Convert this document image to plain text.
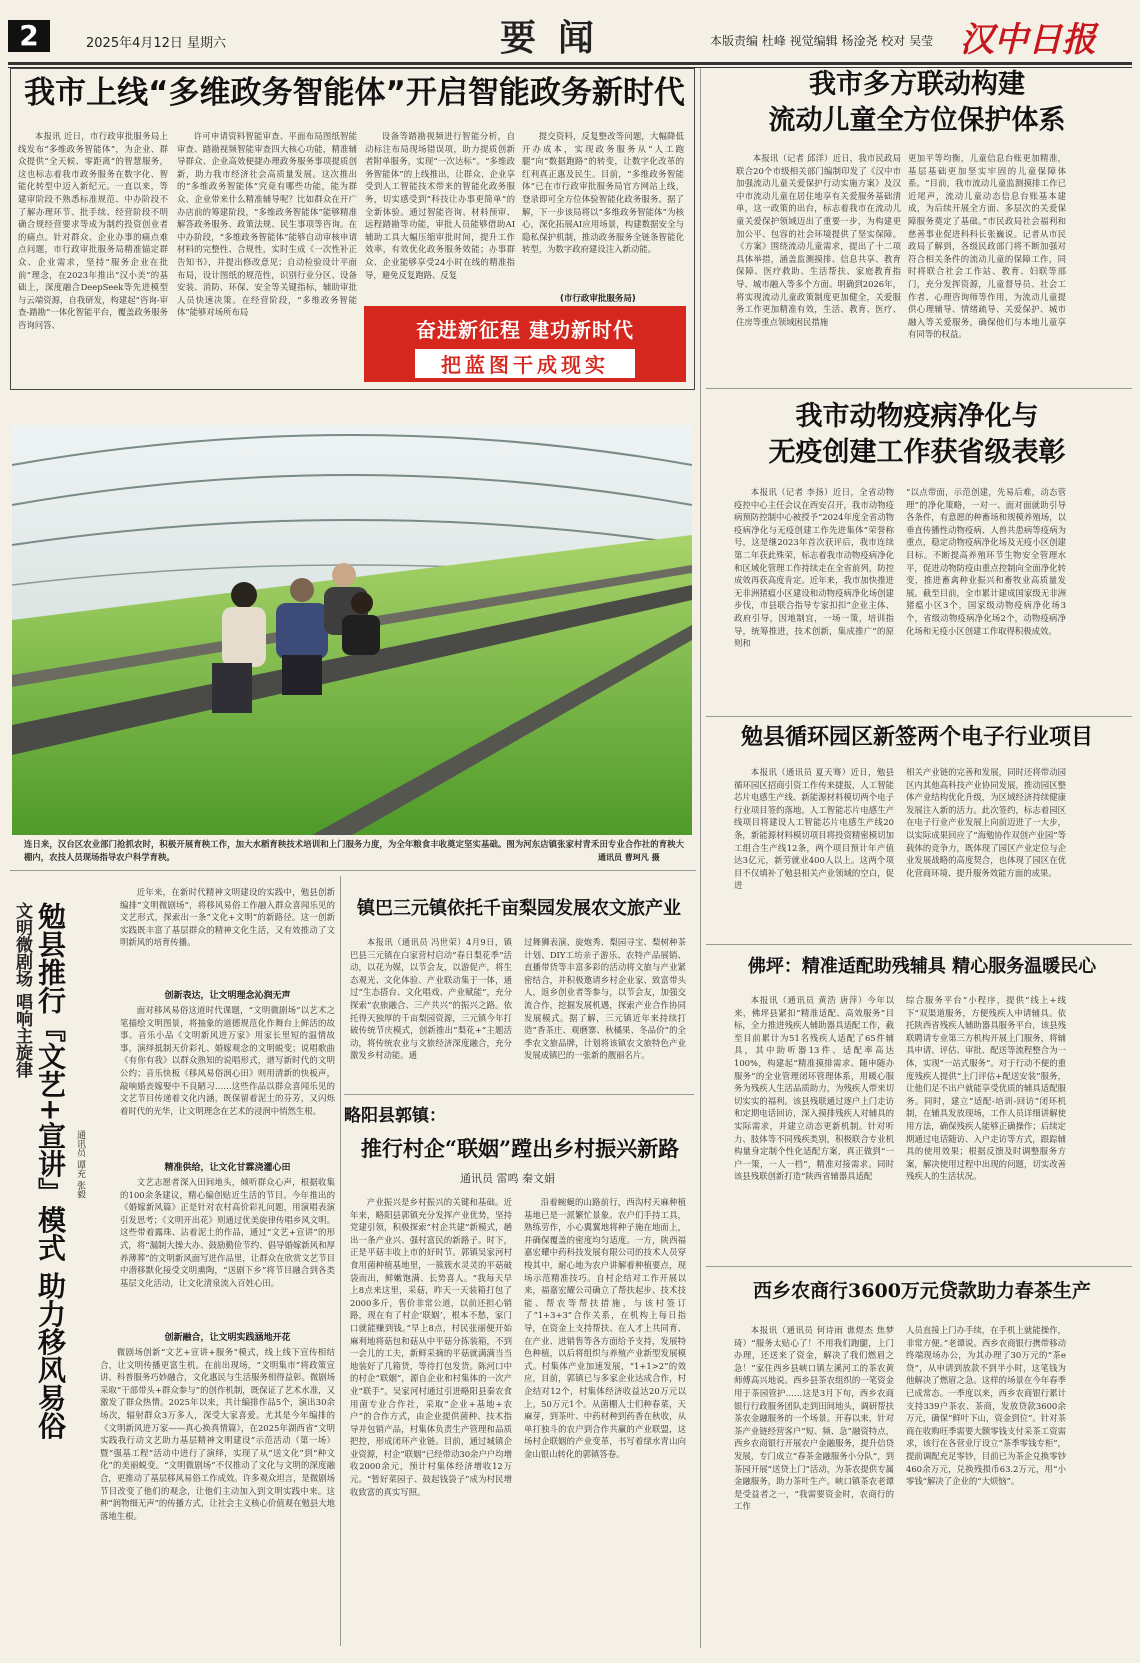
2	2025年4月12日 星期六	要闻	本版责编 杜峰 视觉编辑 杨淦尧 校对 吴莹 汉中日报
我市上线“多维政务智能体”开启智能政务新时代
本报讯 近日，市行政审批服务局上线发布“多维政务智能体”，为企业、群众提供“全天候、零距离”的智慧服务，这也标志着我市政务服务在数字化、智能化转型中迈入新纪元。一直以来，等建审阶段不熟悉标准规范、中办阶段不了解办理环节、批手续、经营阶段不明确合规经营要求等成为制约投资创业者的痛点。针对群众、企业办事的痛点难点问题，市行政审批服务局精准锚定群众、企业需求，坚持“服务企业在批前”理念，在2023年推出“汉小美”的基础上，深度融合DeepSeek等先进模型与云端资源，自我研发，构建起“咨询-审查-踏勘”一体化智能平台，覆盖政务服务咨询问答、
许可申请资料智能审查、平面布局图纸智能审查、踏勘视频智能审查四大核心功能，精准辅导群众、企业高效便捷办理政务服务事项提质创新，助力我市经济社会高质量发展。这次推出的“多维政务智能体”究竟有哪些功能，能为群众、企业带来什么精准辅导呢？比如群众在开广办店前的筹建阶段，“多维政务智能体”能够精准解答政务服务、政策法规、民生事项等咨询。在中办阶段，“多维政务智能体”能够自动审核申请材料的完整性、合规性，实时生成《一次性补正告知书》，并提出修改意见；自动检验设计平面布局，设计图纸的规范性，识别行业分区、设备安装、消防、环保、安全等关键指标，辅助审批人员快速决策。在经营阶段，“多维政务智能体”能够对场所布局
设备等踏勘视频进行智能分析，自动标注布局现场错误项，助力提质创新者附单服务，实现“一次达标”。“多维政务智能体”的上线推出，让群众、企业享受到人工智能技术带来的智能化政务服务，切实感受到“科技让办事更简单”的全新体验。通过智能咨询、材料预审、远程踏勘等功能，审批人员能够借助AI辅助工具大幅压缩审批时间，提升工作效率，有效优化政务服务效能；办事群众、企业能够享受24小时在线的精准指导，避免反复跑路、反复
提交资料，反复整改等问题，大幅降低开办成本，实现政务服务从“人工跑腿”向“数据跑路”的转变，让数字化改革的红利真正惠及民生。目前，“多维政务智能体”已在市行政审批服务局官方网站上线，登录即可全方位体验智能化政务服务。据了解，下一步该局将以“多维政务智能体”为核心，深化拓展AI应用场景，构建数据安全与隐私保护机制，推动政务服务全链条智能化转型，为数字政府建设注入新动能。
(市行政审批服务局)
奋进新征程 建功新时代
把蓝图干成现实
我市多方联动构建
流动儿童全方位保护体系
本报讯（记者 邱洋）近日，我市民政局联合20个市级相关部门编制印发了《汉中市加强流动儿童关爱保护行动实施方案》及汉中市流动儿童在居住地享有关爱服务基础清单，这一政策的出台，标志着我市在流动儿童关爱保护领域迈出了重要一步，为构建更加公平、包容的社会环境提供了坚实保障。《方案》围绕流动儿童需求，提出了十二项具体举措，涵盖监测摸排、信息共享、教育保障、医疗救助、生活帮扶、家庭教育指导、城市融入等多个方面。明确到2026年，将实现流动儿童政策制度更加健全，关爱服务工作更加精准有效，生活、教育、医疗、住房等重点领域困民措施
更加平等均衡，儿童信息台账更加精准，基层基础更加坚实牢固的儿童保障体系。“目前，我市流动儿童监测摸排工作已近尾声，流动儿童动态信息台账基本建成，为后续开展全方面、多层次的关爱保障服务奠定了基础。”市民政局社会福利和慈善事业促进科科长张巍说。记者从市民政局了解到，各级民政部门将不断加强对符合相关条件的流动儿童的保障工作，同时将联合社会工作站、教育、妇联等部门，充分发挥资源，儿童督导员、社会工作者、心理咨询师等作用，为流动儿童提供心理辅导、情绪疏导、关爱保护、城市融入等关爱服务，确保他们与本地儿童享有同等的权益。
连日来，汉台区农业部门抢抓农时，积极开展育秧工作，加大水稻育秧技术培训和上门服务力度，为全年粮食丰收奠定坚实基础。图为河东店镇张家村青禾田专业合作社的育秧大棚内，农技人员现场指导农户科学育秧。	通讯员 曹珂凡 摄
我市动物疫病净化与
无疫创建工作获省级表彰
本报讯（记者 李扬）近日，全省动物疫控中心主任会议在西安召开，我市动物疫病预防控制中心被授予“2024年度全省动物疫病净化与无疫创建工作先进集体”荣誉称号，这是继2023年首次获评后，我市连续第二年获此殊荣，标志着我市动物疫病净化和区域化管理工作持续走在全省前列，防控成效再获高度肯定。近年来，我市加快推进无非洲猪瘟小区建设和动物疫病净化场创建步伐，市县联合指导专家扣扣“企业主体、政府引导，因地制宜，一场一策，培训指导，统筹推进，技术创新，集成推广”的原则和
“以点带面，示范创建，先易后难，动态管理”的净化策略，一对一、面对面就助引导各条件，有意愿的种畜场和规模养殖场，以垂直传播性动物疫病、人兽共患病等疫病为重点，稳定动物疫病净化场及无疫小区创建目标。不断提高养殖环节生物安全管理水平，促进动物防疫由重点控制向全面净化转变，推进畜禽种业振兴和畜牧业高质量发展。截至目前，全市累计建成国家级无非洲猪瘟小区3个，国家级动物疫病净化场3个，省级动物疫病净化场2个，动物疫病净化场和无疫小区创建工作取得积极成效。
勉县循环园区新签两个电子行业项目
本报讯（通讯员 夏天骞）近日，勉县循环园区招商引资工作传来捷报，人工智能芯片电感生产线、新能源材料模切两个电子行业项目签约落地。人工智能芯片电感生产线项目将建设人工智能芯片电感生产线20条，新能源材料模切项目将投资精密模切加工组合生产线12条，两个项目预计年产值达3亿元，新劳就业400人以上。这两个项目不仅填补了勉县相关产业领域的空白，促进
相关产业链的完善和发展，同时还将带动园区内其他高科技产业协同发展，推动园区整体产业结构优化升级，为区域经济持续健康发展注入新的活力。此次签约，标志着园区在电子行业产业发展上向前迈进了一大步，以实际成果回应了“海勉协作双创产业园”等载体的竞争力，既体现了园区产业定位与企业发展战略的高度契合，也体现了园区在优化营商环境、提升服务效能方面的成果。
佛坪：精准适配助残辅具 精心服务温暖民心
本报讯（通讯员 黄浩 唐萍）今年以来，佛坪县紧扣“精准适配、高效服务”目标，全力推进残疾人辅助器具适配工作，截至目前累计为51名残疾人适配了65件辅具，其中助听器13件、适配率高达100%，构建起“精准摸排需求、随申随办服务”的全业管理闭环管理体系，用暖心服务为残疾人生活品质助力，为残疾人带来切切实实的福利。该县残联通过逐户上门走访和定期电话回访，深入摸排残疾人对辅具的实际需求，并建立动态更新机制。针对听力、肢体等不同残疾类别，积极联合专业机构量身定制个性化适配方案，真正做到“一户一策，一人一档”，精准对接需求。同时该县残联创新打造“陕西省辅器具适配
综合服务平台”小程序，提供“线上+线下”双渠道服务，方便残疾人申请辅具。依托陕西省残疾人辅助器具服务平台，该县残联聘请专业第三方机构开展上门服务，将辅具申请、评估、审批、配送等流程整合为一体，实现“一站式服务”。对于行动不便的重度残疾人提供“上门评估+配送安装”服务，让他们足不出户就能享受优质的辅具适配服务。同时，建立“适配-培训-回访”闭环机制，在辅具发放现场，工作人员详细讲解使用方法，确保残疾人能够正确操作；后续定期通过电话随访、入户走访等方式，跟踪辅具的使用效果；根据反馈及时调整服务方案，解决使用过程中出现的问题，切实改善残疾人的生活状况。
西乡农商行3600万元贷款助力春茶生产
本报讯（通讯员 何诗雨 谯煜杰 焦梦琦）“服务太贴心了！不用我们跑腿，上门办理，还送来了资金，解决了我们燃眉之急！”家住西乡县峡口镇左溪河工的茶农黄师傅高兴地说。西乡县茶农组织的一笔资金用于茶园管护……这是3月下旬，西乡农商银行行政服务团队走到田间地头，调研帮扶茶农金融服务的一个场景。开春以来，针对茶产业链经营客户“短、频、急”融资特点，西乡农商银行开展农户金融服务，提升信贷发展，专门成立“春茶金融服务小分队”，到茶园开展“送贷上门”活动，为茶农提供专属金融服务，助力茶叶生产。峡口镇茶农老谭是受益者之一，“我需要资金时，农商行的工作
人员直接上门办手续，在手机上就能操作，非常方便。”老谭说。西乡农商银行携带移动终端现场办公，为其办理了30万元的“茶e贷”，从申请到放款不到半小时，这笔钱为他解决了燃眉之急。这样的场景在今年春季已成常态。一季度以来，西乡农商银行累计支持339户茶农、茶商，发放贷款3600余万元，确保“鲜叶下山，资金到位”。针对茶商在收购旺季需要大额零钱支付采茶工资需求，该行在各营业厅设立“茶季零钱专柜”，提前调配充足零钞，目前已为茶企兑换零钞460余万元，兑换残损币63.2万元，用“小零钱”解决了企业的“大烦恼”。
文明微剧场 唱响主旋律 勉县推行『文艺+宣讲』模式 助力移风易俗 通讯员 谭充 张毅
近年来，在新时代精神文明建设的实践中，勉县创新编排“文明微剧场”，将移风易俗工作融入群众喜闻乐见的文艺形式，探索出一条“文化+文明”的新路径。这一创新实践既丰富了基层群众的精神文化生活，又有效推动了文明新风的培育传播。
创新表达，让文明理念沁润无声
面对移风易俗这道时代课题，“文明微剧场”以艺术之笔描绘文明图景，将抽象的道德规范化作舞台上鲜活的故事。音乐小品《文明新风进万家》用家长里短的温情故事，演绎抵制天价彩礼、婚嫁观念的文明蜕变；说唱歌曲《有你有我》以群众熟知的说唱形式，谱写新时代的文明公约；音乐快板《移风易俗润心田》则用清新的快板声，敲响婚丧嫁娶中不良陋习……这些作品以群众喜闻乐见的文艺节目传递着文化内涵，既保留着泥土的芬芳，又闪烁着时代的光华，让文明理念在艺术的浸润中悄然生根。
精准供给，让文化甘霖浇灌心田
文艺志愿者深入田间地头，倾听群众心声，根据收集的100余条建议，精心编创贴近生活的节目。今年推出的《婚嫁新风篇》正是针对农村高价彩礼问题，用演唱表演引发思考；《文明开出花》则通过优美旋律传唱乡风文明。这些带着露珠、沾着泥土的作品，通过“文艺+宣讲”的形式，将“漏制大操大办、鼓励勤俭节约、倡导婚嫁新风和厚养薄葬”的文明新风面写进作品里，让群众在欣赏文艺节目中潜移默化接受文明熏陶，“送剧下乡”将节目融合到各类基层文化活动，让文化清泉流入百姓心田。
创新融合，让文明实践涵地开花
微剧场创新“文艺+宣讲+服务”模式，线上线下宣传相结合，让文明传播更富生机。在前出现场，“文明集市”将政策宣讲、科普服务巧妙融合，文化惠民与生活服务相得益彰。微剧场采取“干部带头+群众参与”的创作机制，既保证了艺术水准，又激发了群众热情。2025年以来，共计编排作品5个，演出30余场次，辐射群众3万多人，深受大家喜爱。尤其是今年编排的《文明新风进万家——真心换真情篇》，在2025年湖西省“文明实践我行动文艺助力基层精神文明建设”示范活动（第一场）暨“强基工程”活动中进行了演绎，实现了从“送文化”到“种文化”的美丽蜕变。“文明微剧场”不仅推动了文化与文明的深度融合，更推动了基层移风易俗工作成效。许多观众坦言，是微剧场节目改变了他们的观念，让他们主动加入到文明实践中来。这种“润物细无声”的传播方式，让社会主义核心价值观在勉县大地落地生根。
镇巴三元镇依托千亩梨园发展农文旅产业
本报讯（通讯员 冯世荣）4月9日，镇巴县三元镇在白家营村启动“春日梨花季”活动，以花为媒，以节会友，以游促产，将生态观光、文化体验、产业联动集于一体，通过“生态搭台、文化唱戏、产业赋能”，充分探索“农旅融合、三产共兴”的振兴之路。依托得天独厚的千亩梨园资源，三元镇今年打破传统节庆模式，创新推出“梨花+”主题活动，将传统农业与文旅经济深度融合，充分激发乡村动能。通
过舞狮表演、旋炮秀、梨园寻宝、梨树种茶计划、DIY工坊亲子游乐、农特产品展销、直播带货等丰富多彩的活动将文旅与产业紧密结合，并积极邀请乡村企业家、致富带头人，返乡创业者等参与，以节会友，加强交流合作，挖掘发展机遇，探索产业合作协同发展模式。据了解，三元镇近年来持续打造“香茶庄、观磨寨、秋橘果、冬品价”的全季农文旅品牌，计划将该镇农文旅特色产业发展成镇巴的一张新的靓丽名片。
略阳县郭镇：
推行村企“联姻”蹚出乡村振兴新路
通讯员 雷鸣 秦文娟
产业振兴是乡村振兴的关键和基础。近年来，略阳县郭镇充分发挥产业优势，坚持党建引领，积极探索“村企共建”新模式，趟出一条产业兴、强村富民的新路子。时下，正是平菇丰收上市的好时节。郭镇吴家河村食用菌种植基地里，一簇簇水灵灵的平菇破袋而出，鲜嫩饱满、长势喜人。“我每天早上8点来这里，采菇，昨天一天装箱打包了2000多斤，售价非常公道，以前还担心销路，现在有了村企‘联姻’，根本不愁，家门口就能赚到钱。”早上8点，村民张丽便开始麻利地将菇包和菇从中平菇分拣装箱，不到一会儿的工夫，新鲜采摘的平菇就满满当当地装好了几箱货，等待打包发货。陈河口中的村企“联姻”，源自企业和村集体的一次产业“联手”。吴家河村通过引进略阳县秦农食用菌专业合作社，采取“企业+基地+农户”的合作方式，由企业提供菌种、技术指导并包销产品，村集体负责生产管理和品质把控，形成闭环产业链。目前，通过城镇企业资源，村企“联姻”已经带动30余户户均增收2000余元，预计村集体经济增收12万元。“暂好菜园子、鼓起钱袋子”成为村民增收致富的真实写照。
沿着蜿蜒的山路前行，西沟村天麻种植基地已是一派繁忙景象。农户们手持工具，熟练劳作，小心翼翼地将种子施在地面上，并确保覆盖的密度均匀适度。一方，陕西福嘉宏耀中药科技发展有限公司的技术人员穿梭其中，耐心地为农户讲解着种植要点，现场示范精准技巧。自村企结对工作开展以来，福嘉宏耀公司确立了帮扶起步、技术技能、帮农等帮扶措施，与该村签订了“1+3+3”合作关系，在机构上每日指导，在资金上支持帮扶、在人才上共同育、在产业、进销售等各方面给予支持，发展特色种植，以后将组织与养殖产业新型发展模式。村集体产业加速发展，“1+1>2”的效应，目前，郭镇已与多家企业达成合作，村企结对12个，村集体经济收益达20万元以上，50万元1个。从菌棚人士们种春菜，天麻芽，到茶叶、中药材种到药香在秋收，从单打独斗的农户到合作共赢的产业联盟，这场村企联姻的产业变革，书写着绿水青山向金山银山转化的郭镇答卷。
